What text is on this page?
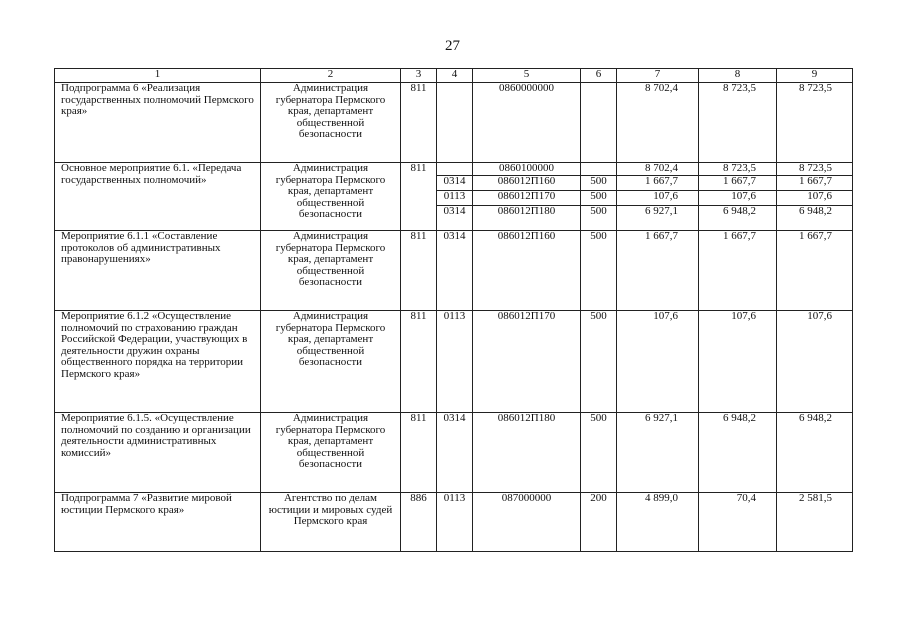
27
1	2	3	4	5	6	7	8	9
Подпрограмма 6 «Реализация государственных полномочий Пермского края»	Администрация губернатора Пермского края, департамент общественной безопасности	811		0860000000		8 702,4	8 723,5	8 723,5
Основное мероприятие 6.1. «Передача государственных полномочий»	Администрация губернатора Пермского края, департамент общественной безопасности	811		0860100000		8 702,4	8 723,5	8 723,5
			0314	086012П160	500	1 667,7	1 667,7	1 667,7
			0113	086012П170	500	107,6	107,6	107,6
			0314	086012П180	500	6 927,1	6 948,2	6 948,2
Мероприятие 6.1.1 «Составление протоколов об административных правонарушениях»	Администрация губернатора Пермского края, департамент общественной безопасности	811	0314	086012П160	500	1 667,7	1 667,7	1 667,7
Мероприятие 6.1.2 «Осуществление полномочий по страхованию граждан Российской Федерации, участвующих в деятельности дружин охраны общественного порядка на территории Пермского края»	Администрация губернатора Пермского края, департамент общественной безопасности	811	0113	086012П170	500	107,6	107,6	107,6
Мероприятие 6.1.5. «Осуществление полномочий по созданию и организации деятельности административных комиссий»	Администрация губернатора Пермского края, департамент общественной безопасности	811	0314	086012П180	500	6 927,1	6 948,2	6 948,2
Подпрограмма 7 «Развитие мировой юстиции Пермского края»	Агентство по делам юстиции и мировых судей Пермского края	886	0113	087000000	200	4 899,0	70,4	2 581,5
